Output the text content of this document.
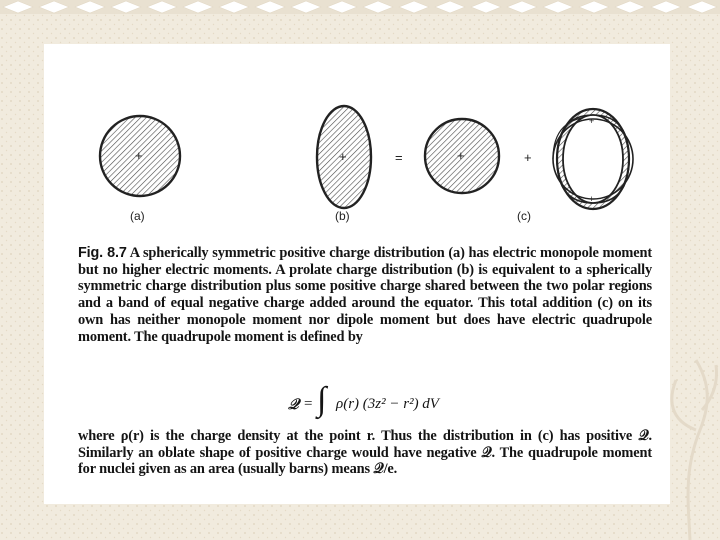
+
(a)
+
(b)
=	+	+
+
+
(c)
Fig. 8.7 A spherically symmetric positive charge distribution (a) has electric monopole moment but no higher electric moments. A prolate charge distribution (b) is equivalent to a spherically symmetric charge distribution plus some positive charge shared between the two polar regions and a band of equal negative charge added around the equator. This total addition (c) on its own has neither monopole moment nor dipole moment but does have electric quadrupole moment. The quadrupole moment is defined by
𝒬 = ∫ ρ(r) (3z² − r²) dV
where ρ(r) is the charge density at the point r. Thus the distribution in (c) has positive 𝒬. Similarly an oblate shape of positive charge would have negative 𝒬. The quadrupole moment for nuclei given as an area (usually barns) means 𝒬/e.
